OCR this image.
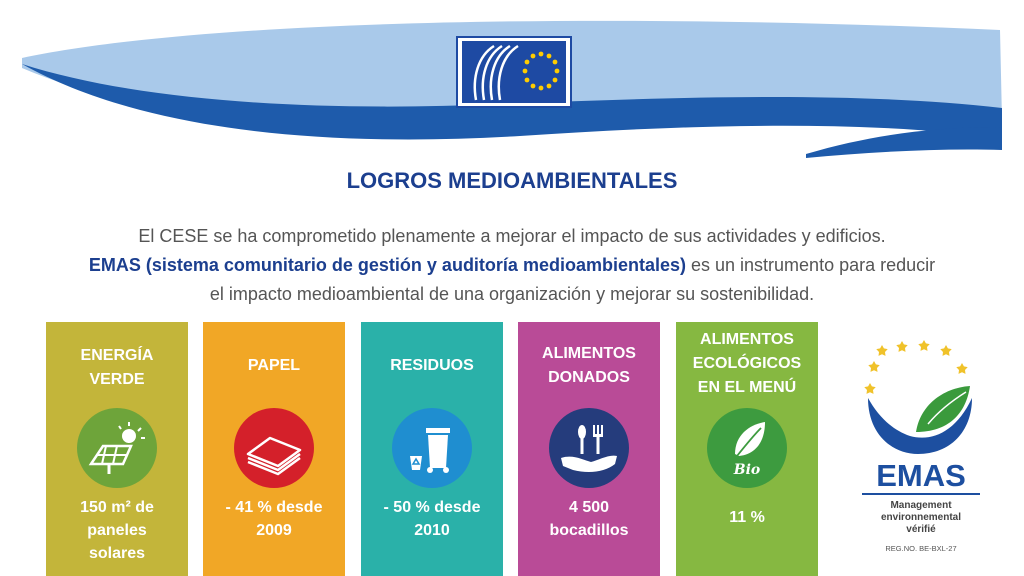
LOGROS MEDIOAMBIENTALES

El CESE se ha comprometido plenamente a mejorar el impacto de sus actividades y edificios.
EMAS (sistema comunitario de gestión y auditoría medioambientales) es un instrumento para reducir
el impacto medioambiental de una organización y mejorar su sostenibilidad.

ENERGÍA
VERDE
150 m² de
paneles
solares
PAPEL
- 41 % desde
2009
RESIDUOS
- 50 % desde
2010
ALIMENTOS
DONADOS
4 500
bocadillos
ALIMENTOS
ECOLÓGICOS
EN EL MENÚ
Bio
11 %
EMAS
Management
environnemental
vérifié
REG.NO. BE-BXL-27
